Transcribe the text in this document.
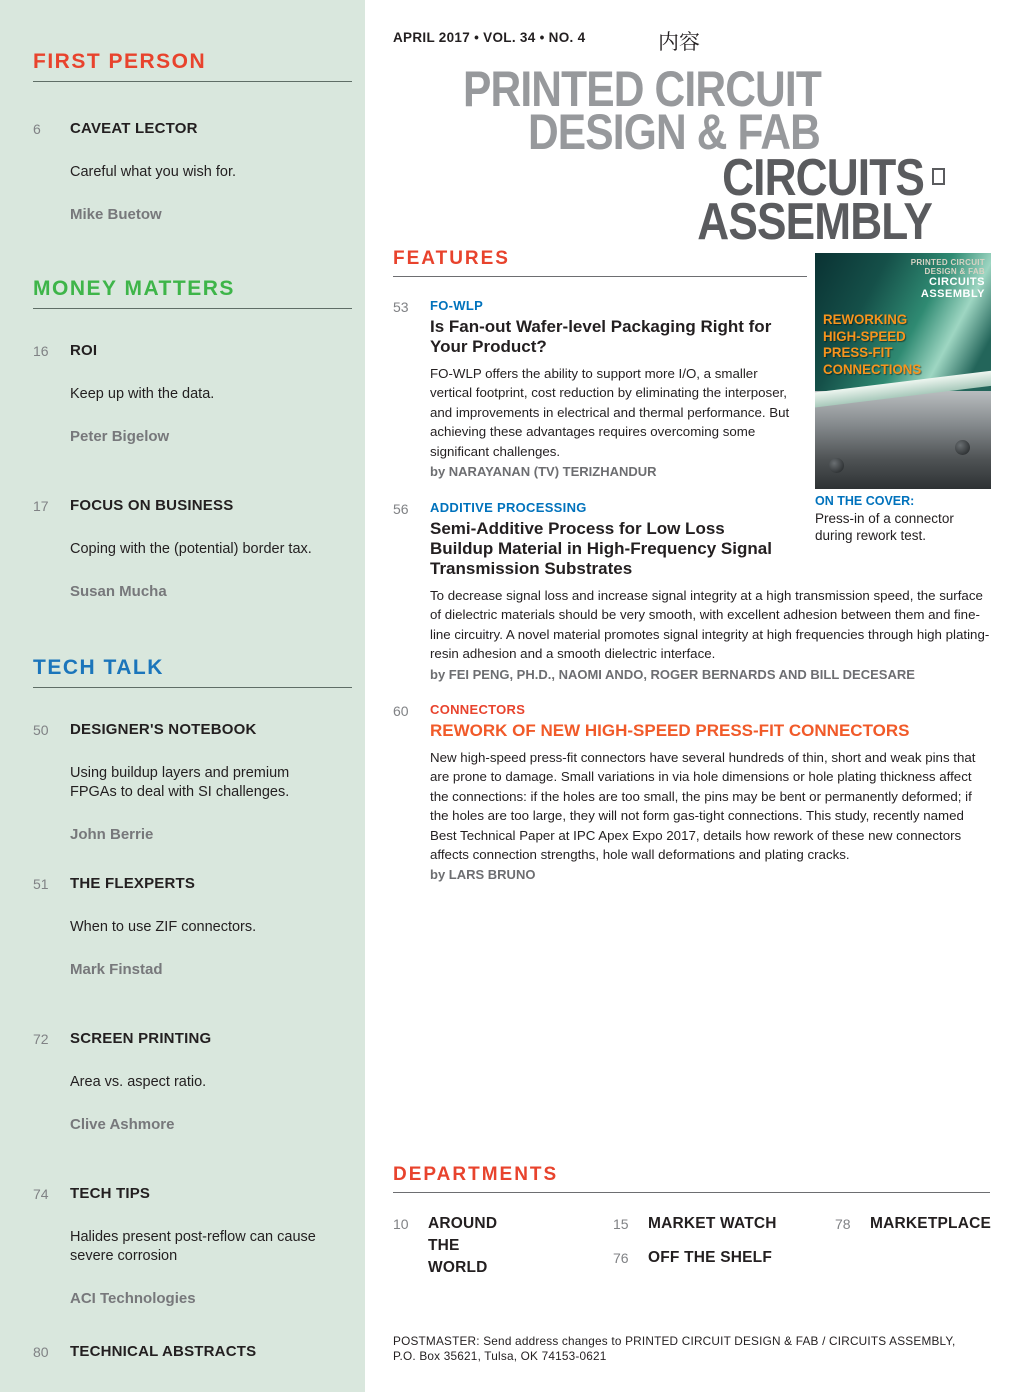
FIRST PERSON
6	CAVEAT LECTOR
Careful what you wish for.
Mike Buetow
MONEY MATTERS
16	ROI
Keep up with the data.
Peter Bigelow
17	FOCUS ON BUSINESS
Coping with the (potential) border tax.
Susan Mucha
TECH TALK
50	DESIGNER'S NOTEBOOK
Using buildup layers and premium FPGAs to deal with SI challenges.
John Berrie
51	THE FLEXPERTS
When to use ZIF connectors.
Mark Finstad
72	SCREEN PRINTING
Area vs. aspect ratio.
Clive Ashmore
74	TECH TIPS
Halides present post-reflow can cause severe corrosion
ACI Technologies
80	TECHNICAL ABSTRACTS
APRIL 2017 • VOL. 34 • NO. 4	内容
PRINTED CIRCUIT
DESIGN & FAB
CIRCUITS
ASSEMBLY
FEATURES
53	FO-WLP
Is Fan-out Wafer-level Packaging Right for
Your Product?
FO-WLP offers the ability to support more I/O, a smaller vertical footprint, cost reduction by eliminating the interposer, and improvements in electrical and thermal performance. But achieving these advantages requires overcoming some significant challenges.
by NARAYANAN (TV) TERIZHANDUR
56	ADDITIVE PROCESSING
Semi-Additive Process for Low Loss
Buildup Material in High-Frequency Signal
Transmission Substrates
To decrease signal loss and increase signal integrity at a high transmission speed, the surface of dielectric materials should be very smooth, with excellent adhesion between them and fine-line circuitry. A novel material promotes signal integrity at high frequencies through high plating-resin adhesion and a smooth dielectric interface.
by FEI PENG, PH.D., NAOMI ANDO, ROGER BERNARDS AND BILL DECESARE
60	CONNECTORS
REWORK OF NEW HIGH-SPEED PRESS-FIT CONNECTORS
New high-speed press-fit connectors have several hundreds of thin, short and weak pins that are prone to damage. Small variations in via hole dimensions or hole plating thickness affect the connections: if the holes are too small, the pins may be bent or permanently deformed; if the holes are too large, they will not form gas-tight connections. This study, recently named Best Technical Paper at IPC Apex Expo 2017, details how rework of these new connectors affects connection strengths, hole wall deformations and plating cracks.
by LARS BRUNO
PRINTED CIRCUIT
DESIGN & FAB
CIRCUITS
ASSEMBLY
REWORKING
HIGH-SPEED
PRESS-FIT
CONNECTIONS
ON THE COVER:
Press-in of a connector during rework test.
DEPARTMENTS
10	AROUND THE WORLD
15	MARKET WATCH
76	OFF THE SHELF
78	MARKETPLACE
POSTMASTER: Send address changes to PRINTED CIRCUIT DESIGN & FAB / CIRCUITS ASSEMBLY,
P.O. Box 35621, Tulsa, OK 74153-0621
